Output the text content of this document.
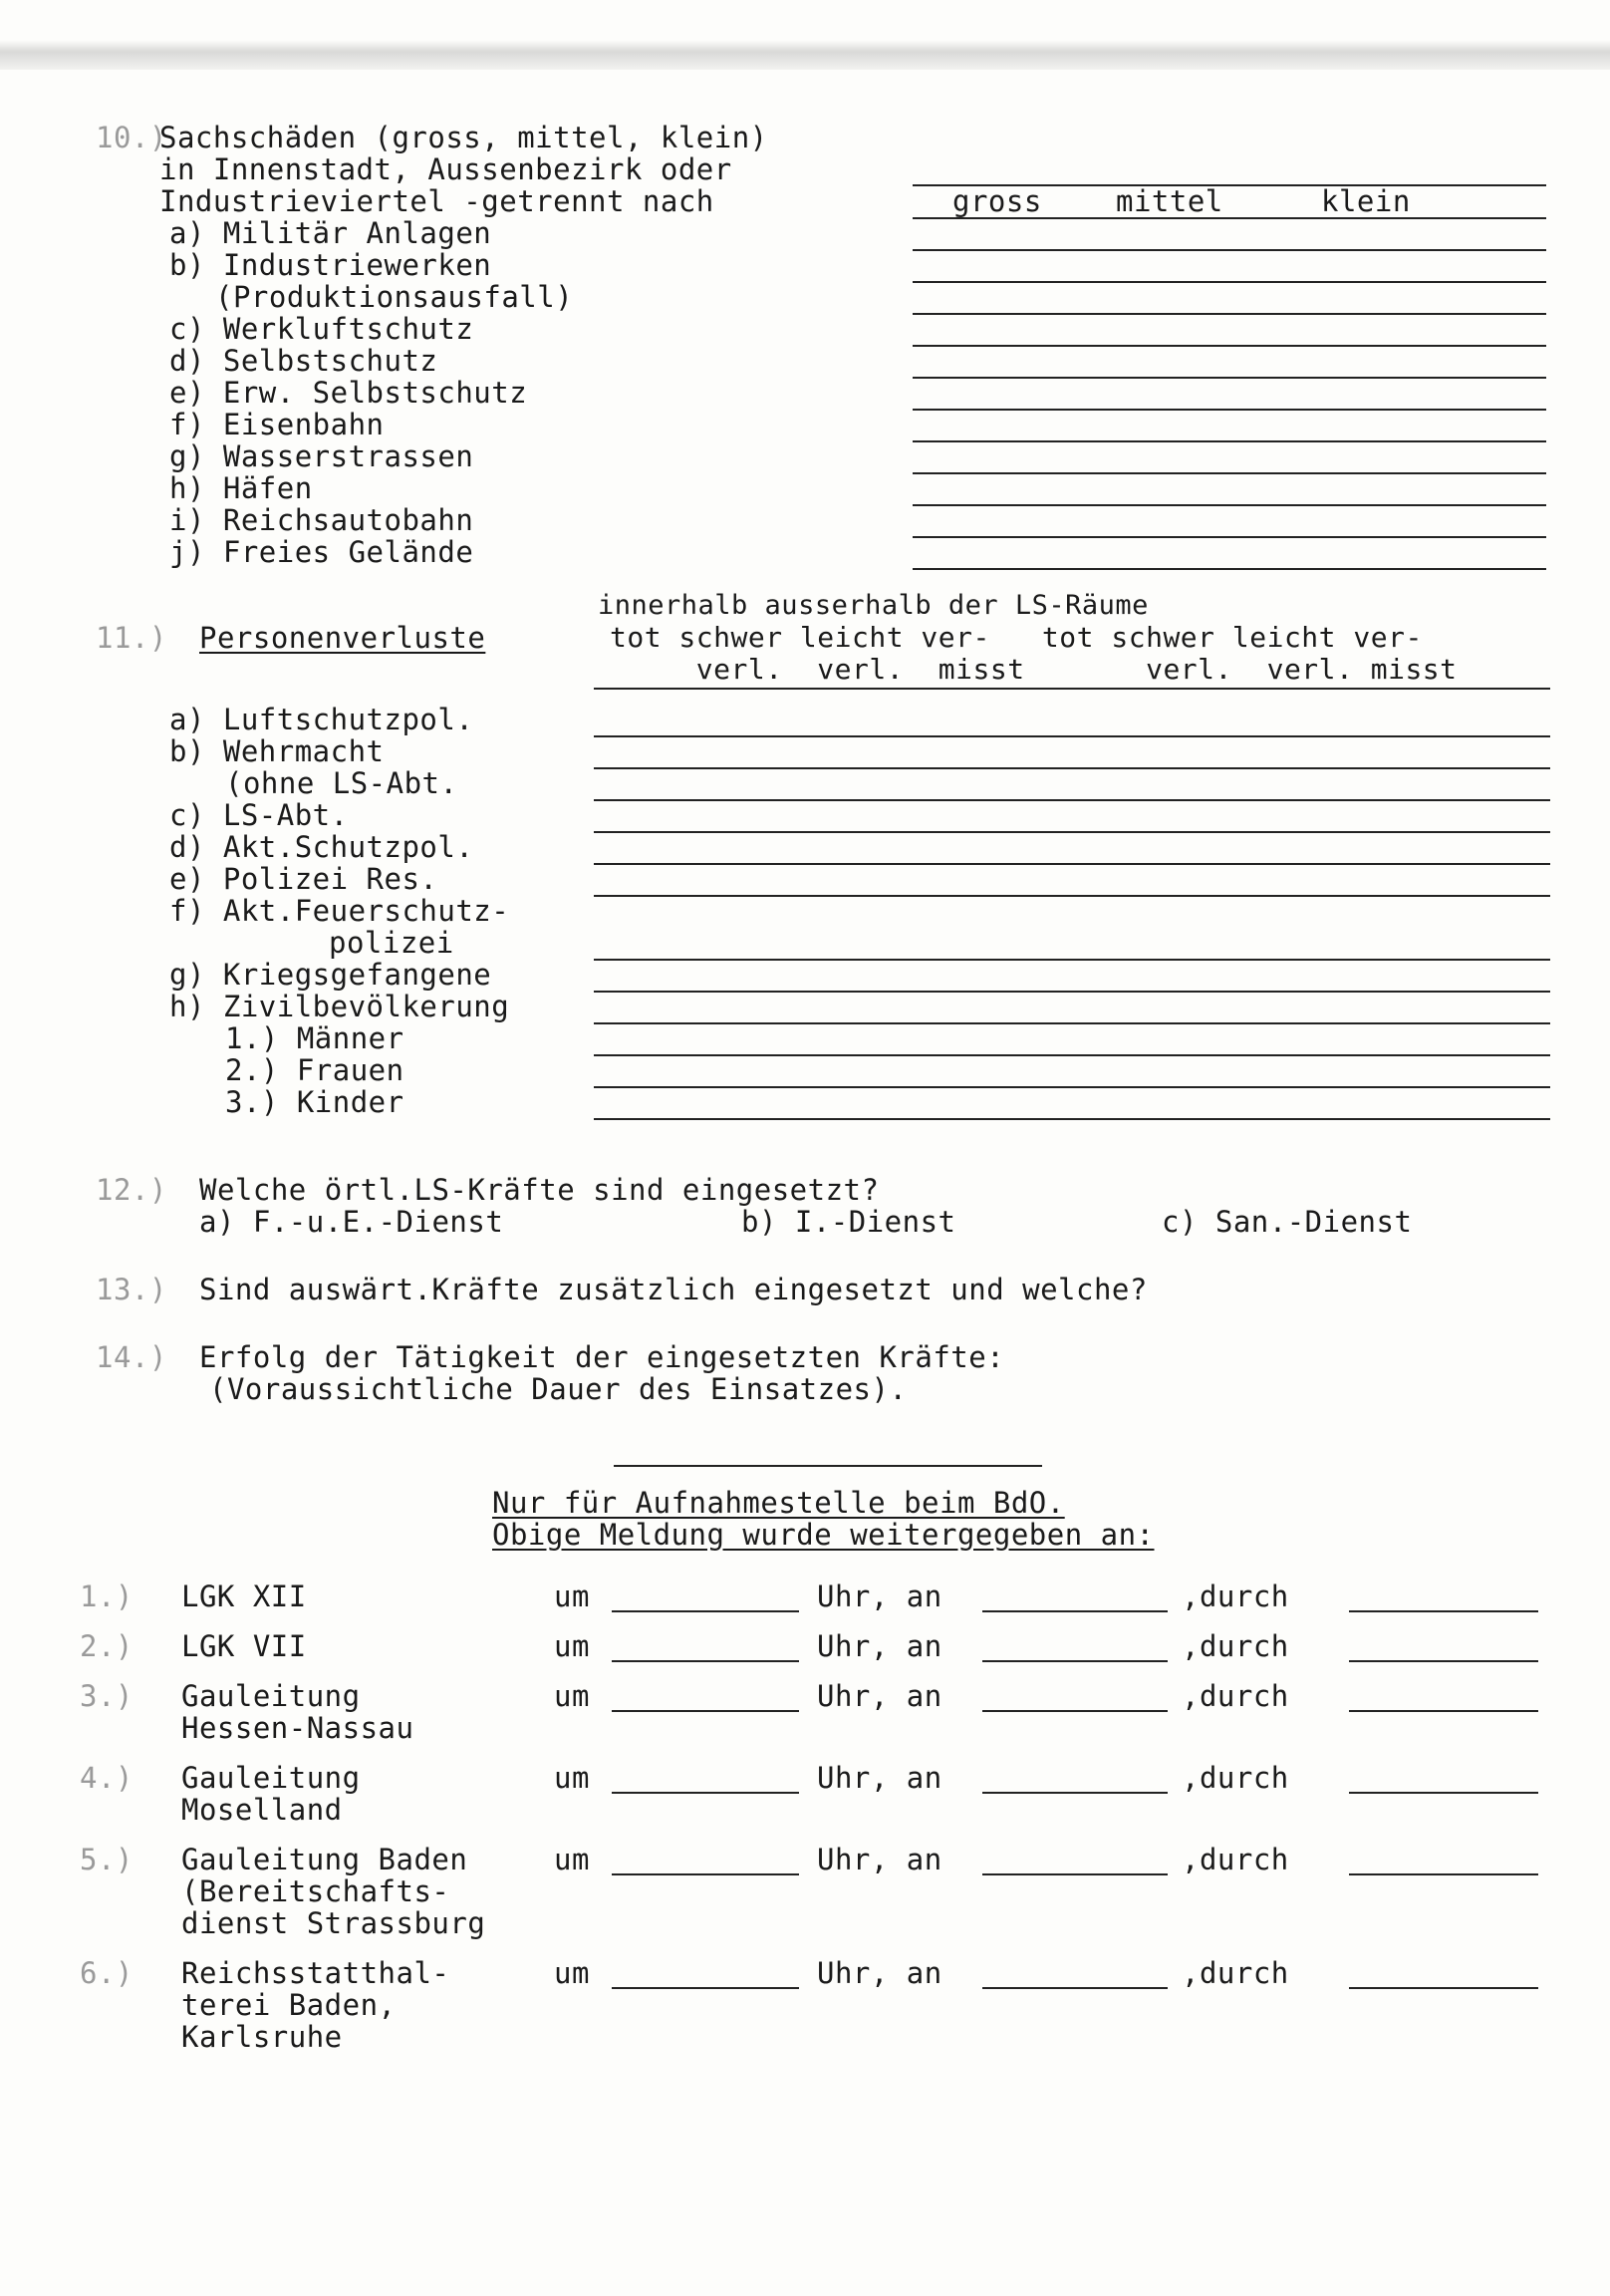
10.)
Sachschäden (gross, mittel, klein)
in Innenstadt, Aussenbezirk oder
Industrieviertel -getrennt nach	gross	mittel	klein
a) Militär Anlagen
b) Industriewerken
(Produktionsausfall)
c) Werkluftschutz
d) Selbstschutz
e) Erw. Selbstschutz
f) Eisenbahn
g) Wasserstrassen
h) Häfen
i) Reichsautobahn
j) Freies Gelände
innerhalb ausserhalb der LS-Räume
11.) Personenverluste	tot schwer leicht ver-   tot schwer leicht ver-
verl.  verl.  misst       verl.  verl. misst
a) Luftschutzpol.
b) Wehrmacht
(ohne LS-Abt.
c) LS-Abt.
d) Akt.Schutzpol.
e) Polizei Res.
f) Akt.Feuerschutz-
polizei
g) Kriegsgefangene
h) Zivilbevölkerung
1.) Männer
2.) Frauen
3.) Kinder
12.) Welche örtl.LS-Kräfte sind eingesetzt?
a) F.-u.E.-Dienst	b) I.-Dienst	c) San.-Dienst
13.) Sind auswärt.Kräfte zusätzlich eingesetzt und welche?
14.) Erfolg der Tätigkeit der eingesetzten Kräfte:
(Voraussichtliche Dauer des Einsatzes).
Nur für Aufnahmestelle beim BdO.
Obige Meldung wurde weitergegeben an:
1.) LGK XII	um	Uhr, an	,durch
2.) LGK VII	um	Uhr, an	,durch
3.) Gauleitung
Hessen-Nassau
um	Uhr, an	,durch
4.) Gauleitung
Moselland
um	Uhr, an	,durch
5.) Gauleitung Baden
(Bereitschafts-
dienst Strassburg
um	Uhr, an	,durch
6.) Reichsstatthal-
terei Baden,
Karlsruhe
um	Uhr, an	,durch
